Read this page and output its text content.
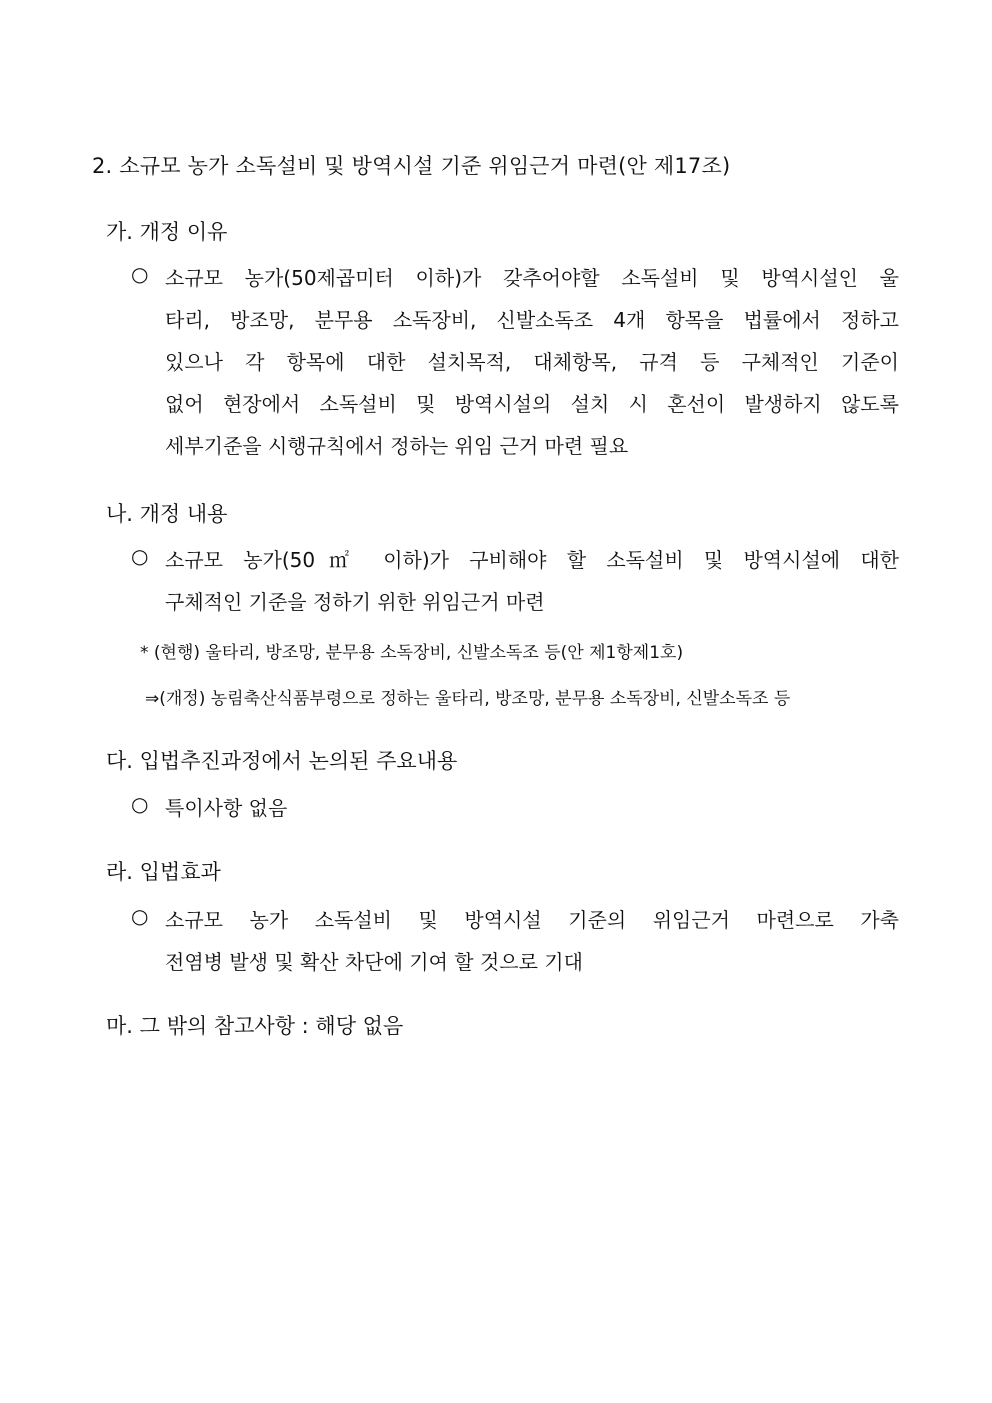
2. 소규모 농가 소독설비 및 방역시설 기준 위임근거 마련(안 제17조)
가. 개정 이유
○ 소규모 농가(50제곱미터 이하)가 갖추어야할 소독설비 및 방역시설인 울
타리, 방조망, 분무용 소독장비, 신발소독조 4개 항목을 법률에서 정하고
있으나 각 항목에 대한 설치목적, 대체항목, 규격 등 구체적인 기준이
없어 현장에서 소독설비 및 방역시설의 설치 시 혼선이 발생하지 않도록
세부기준을 시행규칙에서 정하는 위임 근거 마련 필요
나. 개정 내용
○ 소규모 농가(50㎡ 이하)가 구비해야 할 소독설비 및 방역시설에 대한
구체적인 기준을 정하기 위한 위임근거 마련
* (현행) 울타리, 방조망, 분무용 소독장비, 신발소독조 등(안 제1항제1호)
⇒(개정) 농림축산식품부령으로 정하는 울타리, 방조망, 분무용 소독장비, 신발소독조 등
다. 입법추진과정에서 논의된 주요내용
○ 특이사항 없음
라. 입법효과
○ 소규모 농가 소독설비 및 방역시설 기준의 위임근거 마련으로 가축
전염병 발생 및 확산 차단에 기여 할 것으로 기대
마. 그 밖의 참고사항 : 해당 없음
